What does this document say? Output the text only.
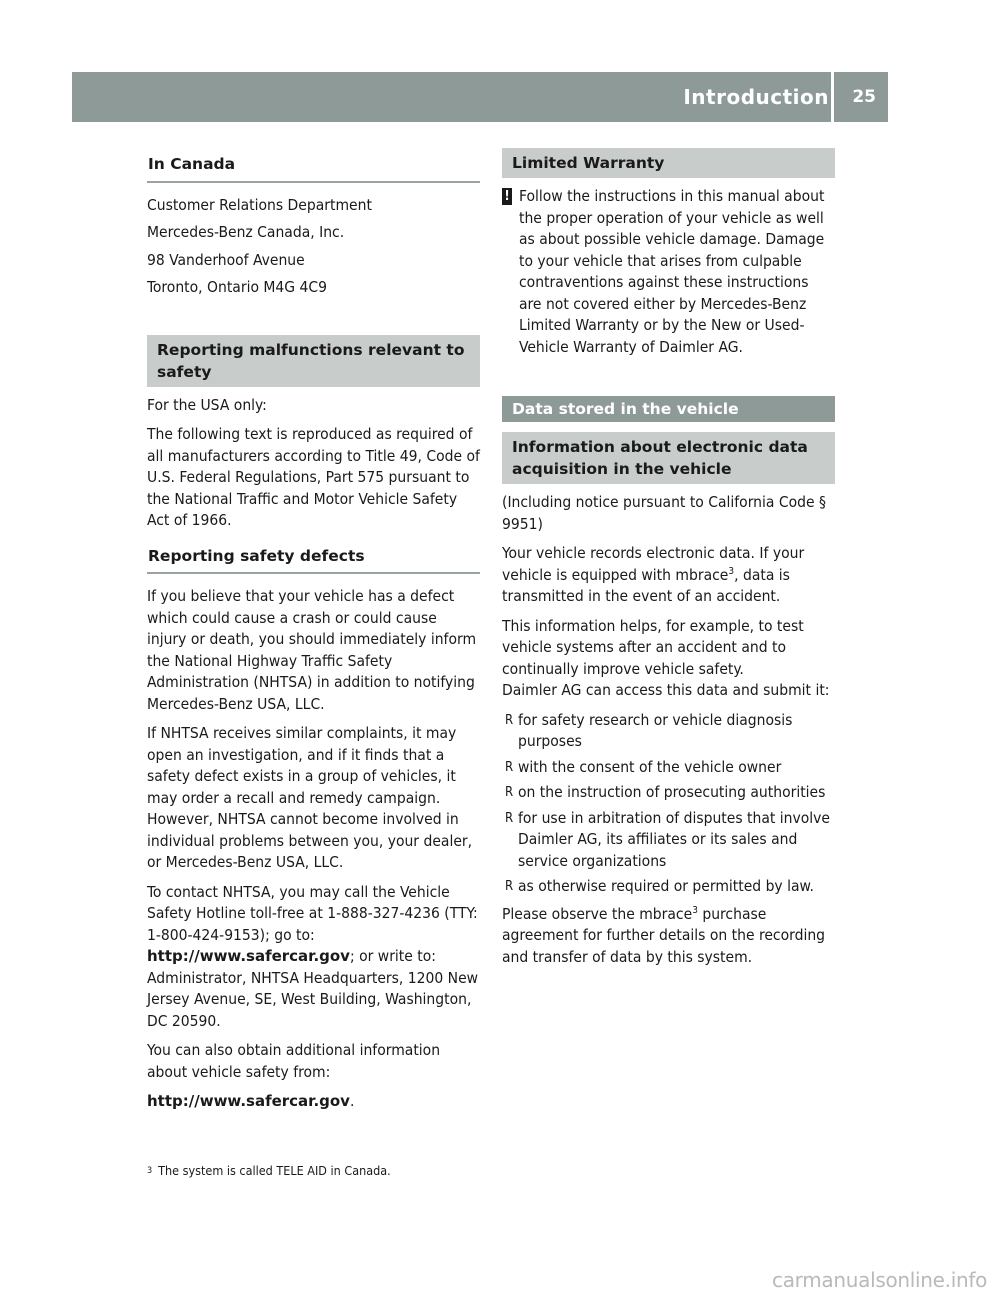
Introduction 25
In Canada

Customer Relations Department

Mercedes-Benz Canada, Inc.

98 Vanderhoof Avenue

Toronto, Ontario M4G 4C9

Reporting malfunctions relevant to safety

For the USA only:

The following text is reproduced as required of all manufacturers according to Title 49, Code of U.S. Federal Regulations, Part 575 pursuant to the National Traffic and Motor Vehicle Safety Act of 1966.

Reporting safety defects

If you believe that your vehicle has a defect which could cause a crash or could cause injury or death, you should immediately inform the National Highway Traffic Safety Administration (NHTSA) in addition to notifying Mercedes-Benz USA, LLC.

If NHTSA receives similar complaints, it may open an investigation, and if it finds that a safety defect exists in a group of vehicles, it may order a recall and remedy campaign. However, NHTSA cannot become involved in individual problems between you, your dealer, or Mercedes-Benz USA, LLC.

To contact NHTSA, you may call the Vehicle Safety Hotline toll-free at 1-888-327-4236 (TTY: 1-800-424-9153); go to: http://www.safercar.gov; or write to: Administrator, NHTSA Headquarters, 1200 New Jersey Avenue, SE, West Building, Washington, DC 20590.

You can also obtain additional information about vehicle safety from:

http://www.safercar.gov.

Limited Warranty
! Follow the instructions in this manual about the proper operation of your vehicle as well as about possible vehicle damage. Damage to your vehicle that arises from culpable contraventions against these instructions are not covered either by Mercedes-Benz Limited Warranty or by the New or Used-Vehicle Warranty of Daimler AG.
Data stored in the vehicle
Information about electronic data acquisition in the vehicle

(Including notice pursuant to California Code § 9951)

Your vehicle records electronic data. If your vehicle is equipped with mbrace$^3$, data is transmitted in the event of an accident.

This information helps, for example, to test vehicle systems after an accident and to continually improve vehicle safety.

Daimler AG can access this data and submit it:

R for safety research or vehicle diagnosis purposes
R with the consent of the vehicle owner
R on the instruction of prosecuting authorities
R for use in arbitration of disputes that involve Daimler AG, its affiliates or its sales and service organizations
R as otherwise required or permitted by law.

Please observe the mbrace$^3$ purchase agreement for further details on the recording and transfer of data by this system.

$^3$ The system is called TELE AID in Canada.
carmanualsonline.info
